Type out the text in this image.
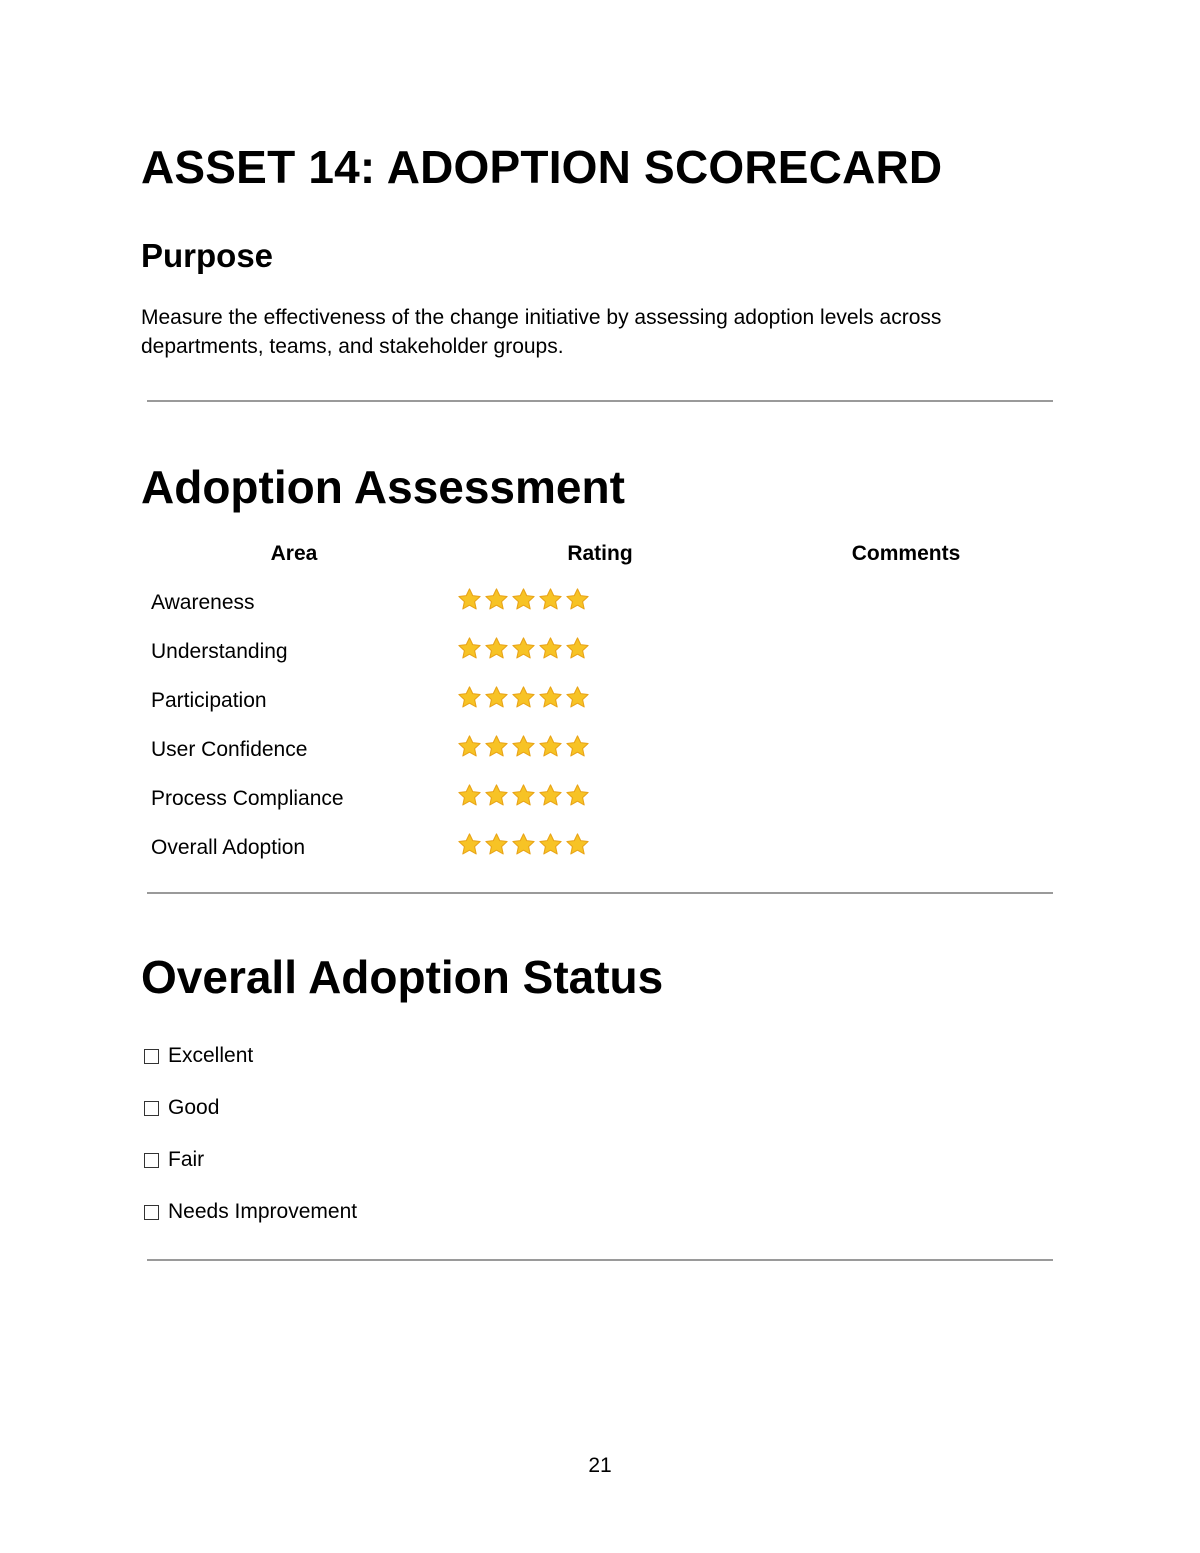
ASSET 14: ADOPTION SCORECARD
Purpose

Measure the effectiveness of the change initiative by assessing adoption levels across departments, teams, and stakeholder groups.

Adoption Assessment
Area	Rating	Comments
Awareness	

Understanding	

Participation	

User Confidence	

Process Compliance	

Overall Adoption	

Overall Adoption Status
Excellent
Good
Fair
Needs Improvement
21
